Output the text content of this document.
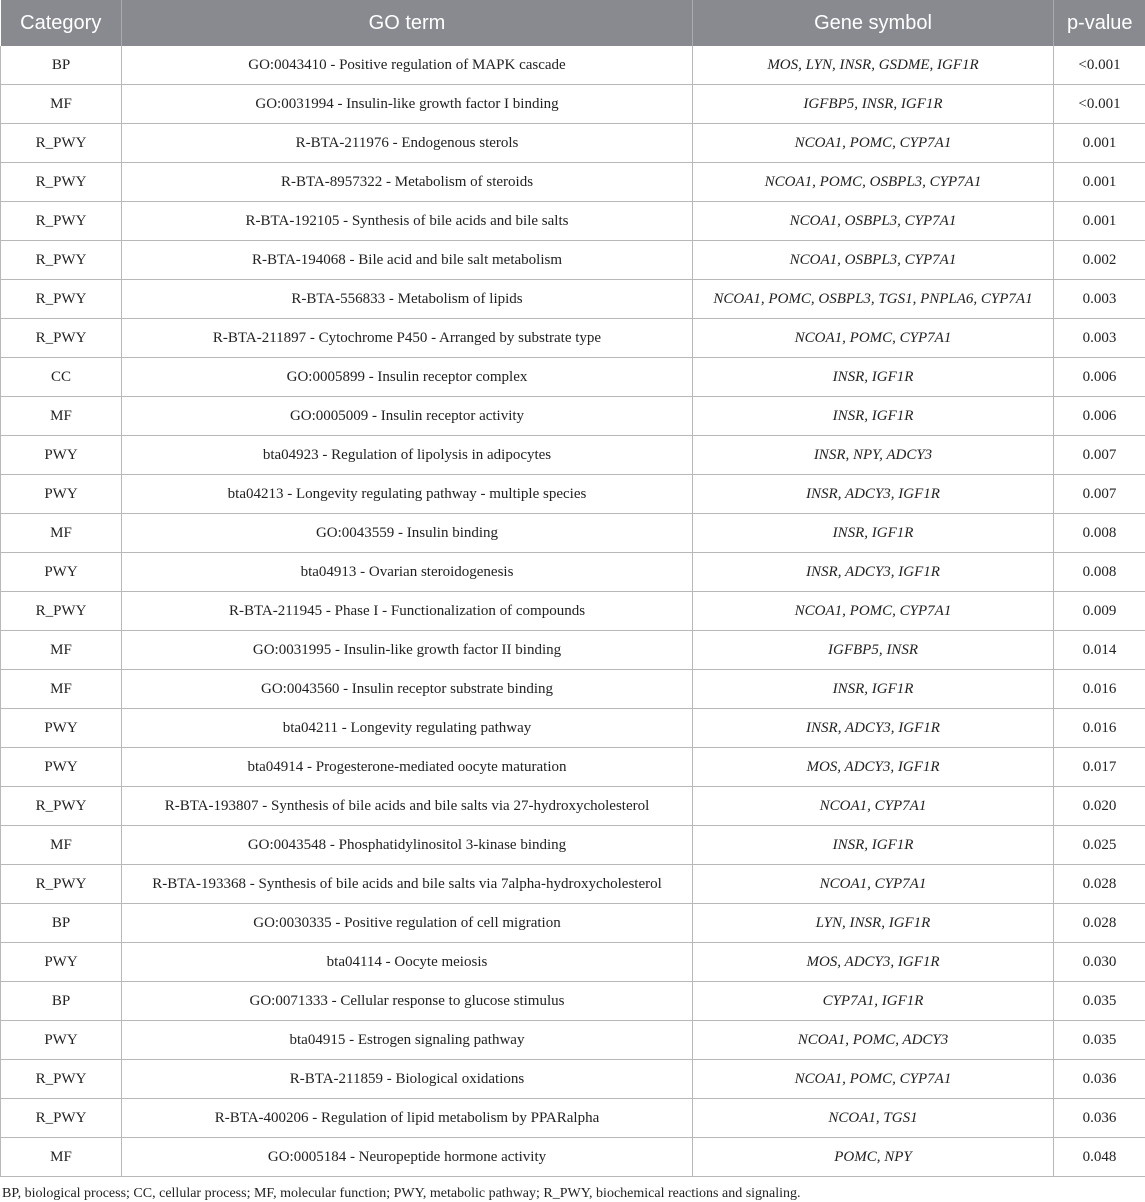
Category	GO term	Gene symbol	p-value
BP	GO:0043410 - Positive regulation of MAPK cascade	MOS, LYN, INSR, GSDME, IGF1R	<0.001
MF	GO:0031994 - Insulin-like growth factor I binding	IGFBP5, INSR, IGF1R	<0.001
R_PWY	R-BTA-211976 - Endogenous sterols	NCOA1, POMC, CYP7A1	0.001
R_PWY	R-BTA-8957322 - Metabolism of steroids	NCOA1, POMC, OSBPL3, CYP7A1	0.001
R_PWY	R-BTA-192105 - Synthesis of bile acids and bile salts	NCOA1, OSBPL3, CYP7A1	0.001
R_PWY	R-BTA-194068 - Bile acid and bile salt metabolism	NCOA1, OSBPL3, CYP7A1	0.002
R_PWY	R-BTA-556833 - Metabolism of lipids	NCOA1, POMC, OSBPL3, TGS1, PNPLA6, CYP7A1	0.003
R_PWY	R-BTA-211897 - Cytochrome P450 - Arranged by substrate type	NCOA1, POMC, CYP7A1	0.003
CC	GO:0005899 - Insulin receptor complex	INSR, IGF1R	0.006
MF	GO:0005009 - Insulin receptor activity	INSR, IGF1R	0.006
PWY	bta04923 - Regulation of lipolysis in adipocytes	INSR, NPY, ADCY3	0.007
PWY	bta04213 - Longevity regulating pathway - multiple species	INSR, ADCY3, IGF1R	0.007
MF	GO:0043559 - Insulin binding	INSR, IGF1R	0.008
PWY	bta04913 - Ovarian steroidogenesis	INSR, ADCY3, IGF1R	0.008
R_PWY	R-BTA-211945 - Phase I - Functionalization of compounds	NCOA1, POMC, CYP7A1	0.009
MF	GO:0031995 - Insulin-like growth factor II binding	IGFBP5, INSR	0.014
MF	GO:0043560 - Insulin receptor substrate binding	INSR, IGF1R	0.016
PWY	bta04211 - Longevity regulating pathway	INSR, ADCY3, IGF1R	0.016
PWY	bta04914 - Progesterone-mediated oocyte maturation	MOS, ADCY3, IGF1R	0.017
R_PWY	R-BTA-193807 - Synthesis of bile acids and bile salts via 27-hydroxycholesterol	NCOA1, CYP7A1	0.020
MF	GO:0043548 - Phosphatidylinositol 3-kinase binding	INSR, IGF1R	0.025
R_PWY	R-BTA-193368 - Synthesis of bile acids and bile salts via 7alpha-hydroxycholesterol	NCOA1, CYP7A1	0.028
BP	GO:0030335 - Positive regulation of cell migration	LYN, INSR, IGF1R	0.028
PWY	bta04114 - Oocyte meiosis	MOS, ADCY3, IGF1R	0.030
BP	GO:0071333 - Cellular response to glucose stimulus	CYP7A1, IGF1R	0.035
PWY	bta04915 - Estrogen signaling pathway	NCOA1, POMC, ADCY3	0.035
R_PWY	R-BTA-211859 - Biological oxidations	NCOA1, POMC, CYP7A1	0.036
R_PWY	R-BTA-400206 - Regulation of lipid metabolism by PPARalpha	NCOA1, TGS1	0.036
MF	GO:0005184 - Neuropeptide hormone activity	POMC, NPY	0.048
BP, biological process; CC, cellular process; MF, molecular function; PWY, metabolic pathway; R_PWY, biochemical reactions and signaling.
